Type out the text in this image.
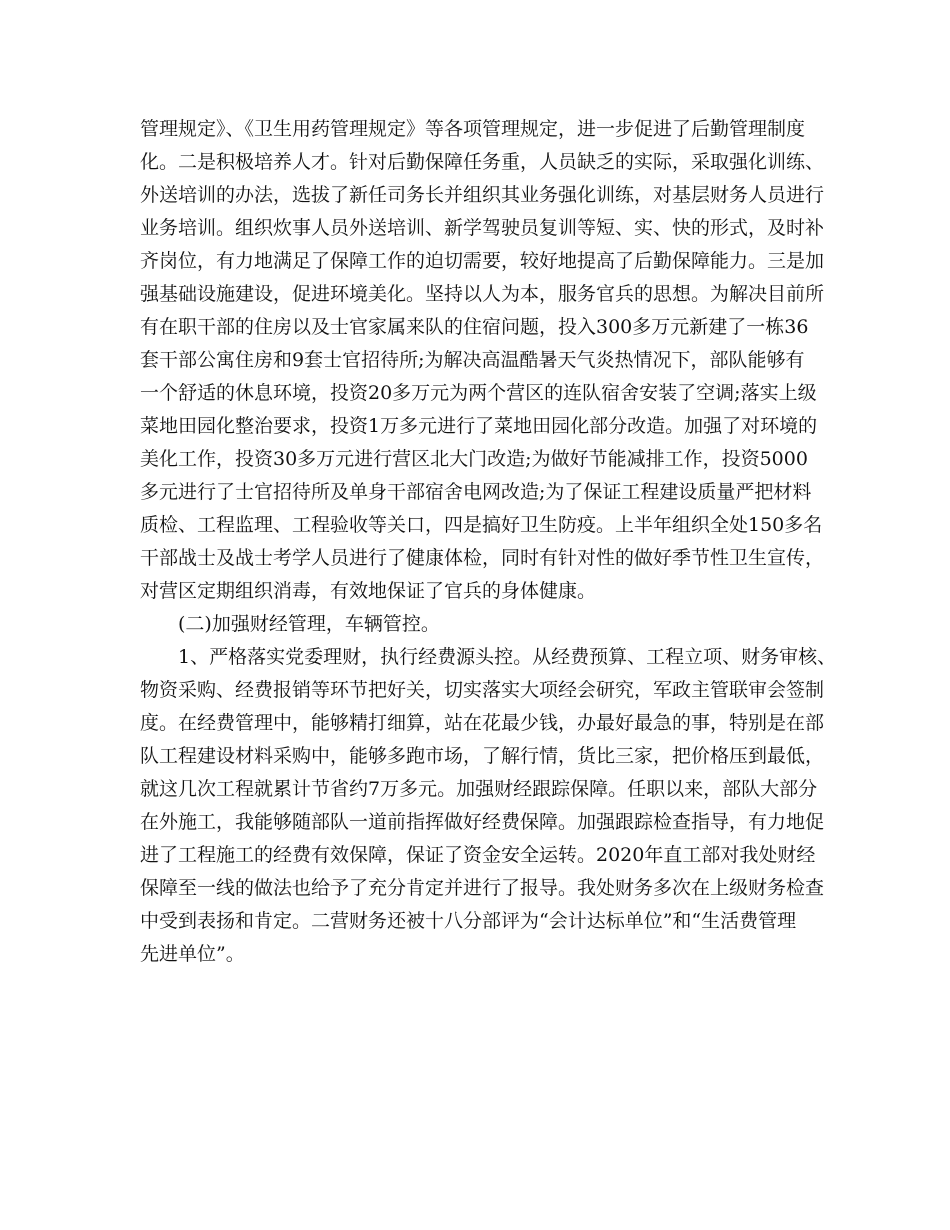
管理规定》、《卫生用药管理规定》等各项管理规定，进一步促进了后勤管理制度
化。二是积极培养人才。针对后勤保障任务重，人员缺乏的实际，采取强化训练、
外送培训的办法，选拔了新任司务长并组织其业务强化训练，对基层财务人员进行
业务培训。组织炊事人员外送培训、新学驾驶员复训等短、实、快的形式，及时补
齐岗位，有力地满足了保障工作的迫切需要，较好地提高了后勤保障能力。三是加
强基础设施建设，促进环境美化。坚持以人为本，服务官兵的思想。为解决目前所
有在职干部的住房以及士官家属来队的住宿问题，投入300多万元新建了一栋36
套干部公寓住房和9套士官招待所;为解决高温酷暑天气炎热情况下，部队能够有
一个舒适的休息环境，投资20多万元为两个营区的连队宿舍安装了空调;落实上级
菜地田园化整治要求，投资1万多元进行了菜地田园化部分改造。加强了对环境的
美化工作，投资30多万元进行营区北大门改造;为做好节能减排工作，投资5000
多元进行了士官招待所及单身干部宿舍电网改造;为了保证工程建设质量严把材料
质检、工程监理、工程验收等关口，四是搞好卫生防疫。上半年组织全处150多名
干部战士及战士考学人员进行了健康体检，同时有针对性的做好季节性卫生宣传，
对营区定期组织消毒，有效地保证了官兵的身体健康。
(二)加强财经管理，车辆管控。
1、严格落实党委理财，执行经费源头控。从经费预算、工程立项、财务审核、
物资采购、经费报销等环节把好关，切实落实大项经会研究，军政主管联审会签制
度。在经费管理中，能够精打细算，站在花最少钱，办最好最急的事，特别是在部
队工程建设材料采购中，能够多跑市场，了解行情，货比三家，把价格压到最低，
就这几次工程就累计节省约7万多元。加强财经跟踪保障。任职以来，部队大部分
在外施工，我能够随部队一道前指挥做好经费保障。加强跟踪检查指导，有力地促
进了工程施工的经费有效保障，保证了资金安全运转。2020年直工部对我处财经
保障至一线的做法也给予了充分肯定并进行了报导。我处财务多次在上级财务检查
中受到表扬和肯定。二营财务还被十八分部评为“会计达标单位”和“生活费管理
先进单位”。
